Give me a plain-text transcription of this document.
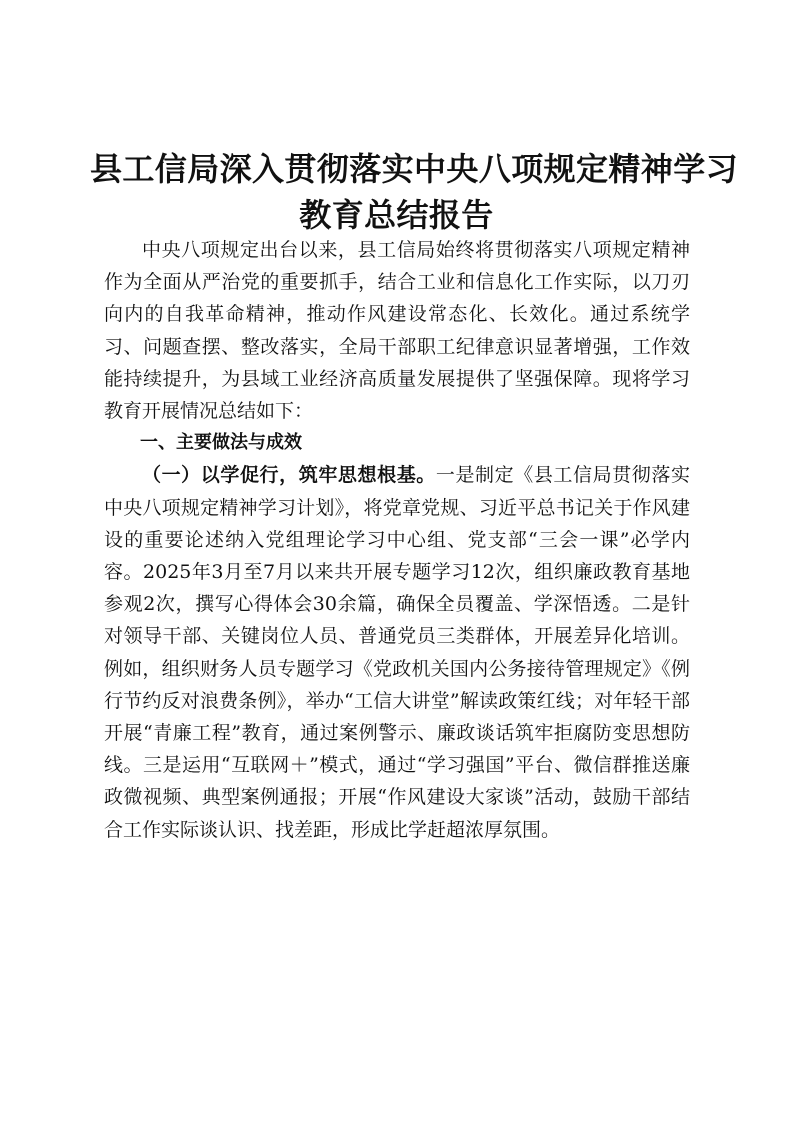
县工信局深入贯彻落实中央八项规定精神学习
教育总结报告

中央八项规定出台以来，县工信局始终将贯彻落实八项规定精神作为全面从严治党的重要抓手，结合工业和信息化工作实际，以刀刃向内的自我革命精神，推动作风建设常态化、长效化。通过系统学习、问题查摆、整改落实，全局干部职工纪律意识显著增强，工作效能持续提升，为县域工业经济高质量发展提供了坚强保障。现将学习教育开展情况总结如下：

一、主要做法与成效

（一）以学促行，筑牢思想根基。一是制定《县工信局贯彻落实中央八项规定精神学习计划》，将党章党规、习近平总书记关于作风建设的重要论述纳入党组理论学习中心组、党支部“三会一课”必学内容。2025年3月至7月以来共开展专题学习12次，组织廉政教育基地参观2次，撰写心得体会30余篇，确保全员覆盖、学深悟透。二是针对领导干部、关键岗位人员、普通党员三类群体，开展差异化培训。例如，组织财务人员专题学习《党政机关国内公务接待管理规定》《例行节约反对浪费条例》，举办“工信大讲堂”解读政策红线；对年轻干部开展“青廉工程”教育，通过案例警示、廉政谈话筑牢拒腐防变思想防线。三是运用“互联网＋”模式，通过“学习强国”平台、微信群推送廉政微视频、典型案例通报；开展“作风建设大家谈”活动，鼓励干部结合工作实际谈认识、找差距，形成比学赶超浓厚氛围。
